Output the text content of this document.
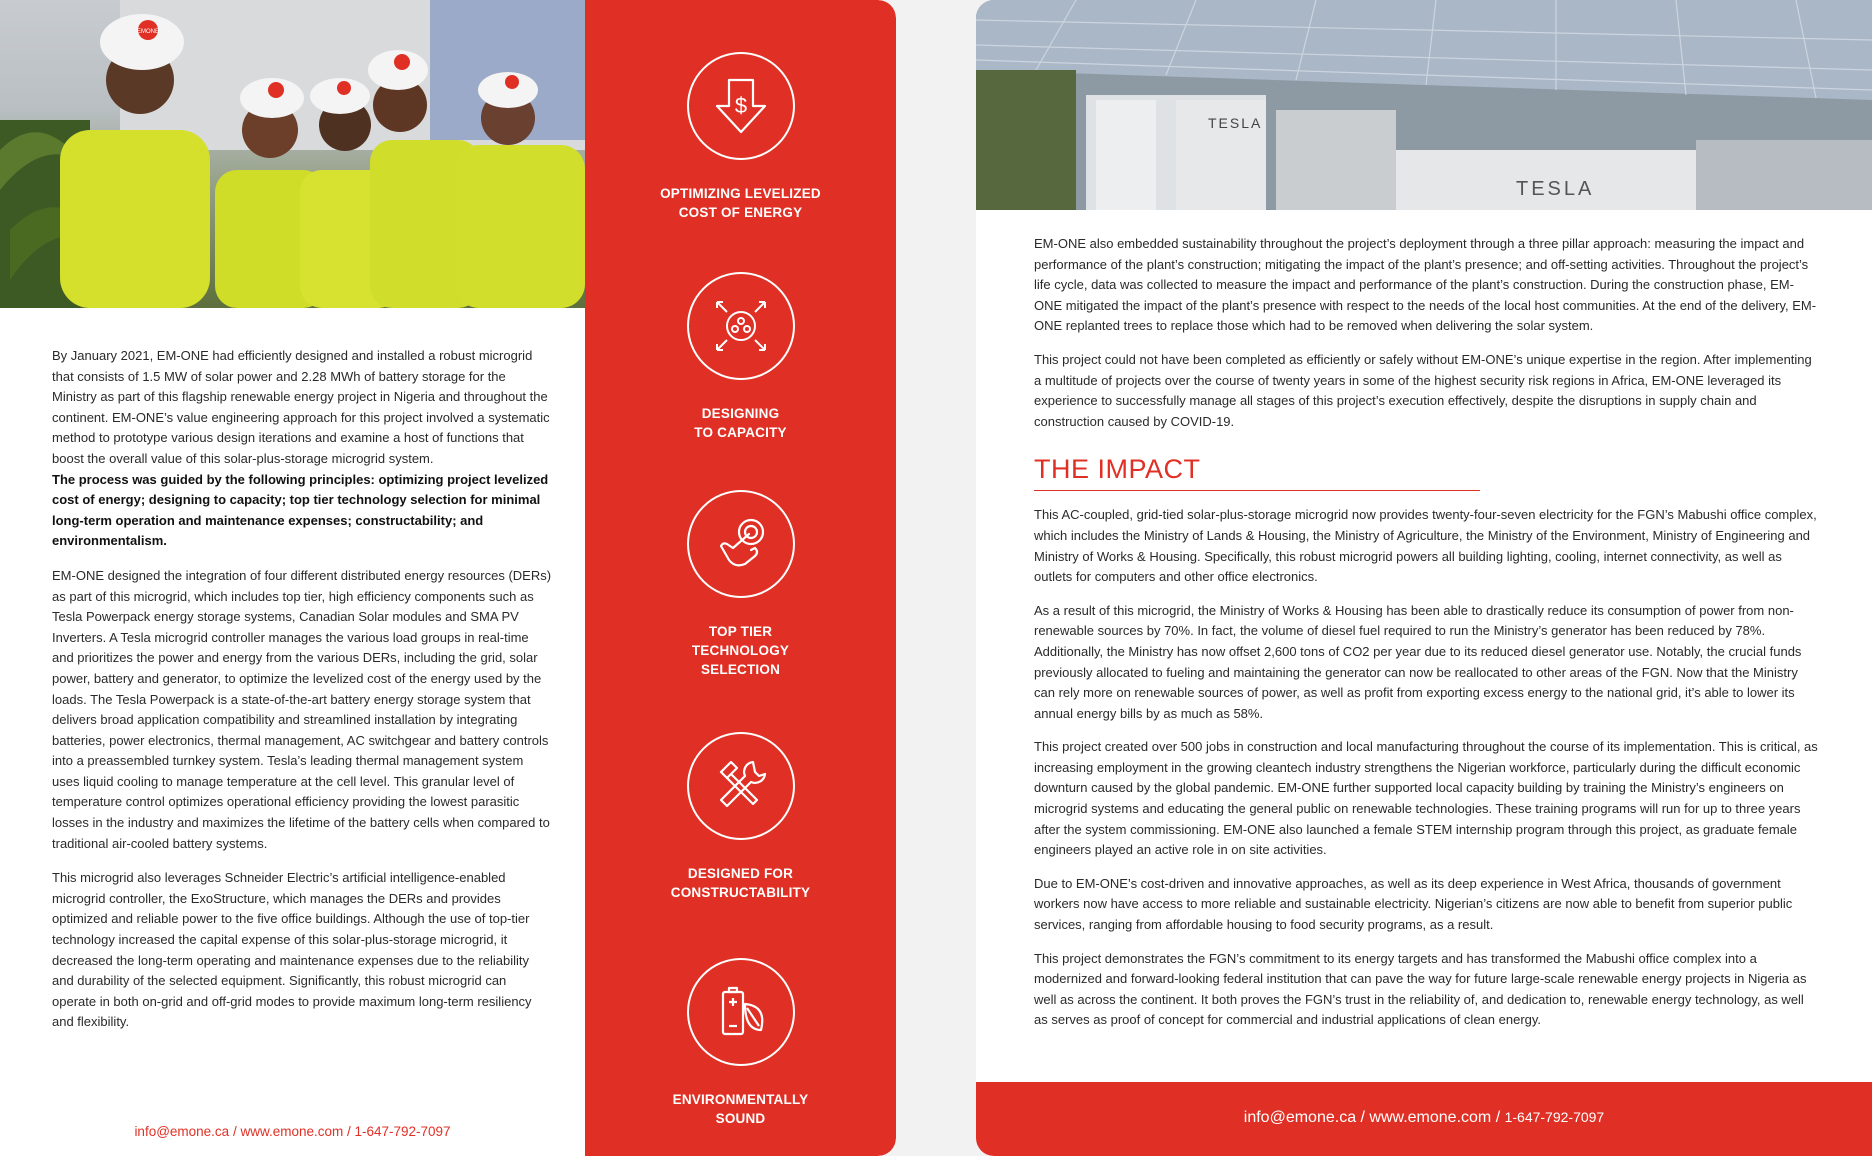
EMONE

By January 2021, EM-ONE had efficiently designed and installed a robust microgrid that consists of 1.5 MW of solar power and 2.28 MWh of battery storage for the Ministry as part of this flagship renewable energy project in Nigeria and throughout the continent. EM-ONE’s value engineering approach for this project involved a systematic method to prototype various design iterations and examine a host of functions that boost the overall value of this solar-plus-storage microgrid system.

The process was guided by the following principles: optimizing project levelized cost of energy; designing to capacity; top tier technology selection for minimal long-term operation and maintenance expenses; constructability; and environmentalism.

EM-ONE designed the integration of four different distributed energy resources (DERs) as part of this microgrid, which includes top tier, high efficiency components such as Tesla Powerpack energy storage systems, Canadian Solar modules and SMA PV Inverters. A Tesla microgrid controller manages the various load groups in real-time and prioritizes the power and energy from the various DERs, including the grid, solar power, battery and generator, to optimize the levelized cost of the energy used by the loads. The Tesla Powerpack is a state-of-the-art battery energy storage system that delivers broad application compatibility and streamlined installation by integrating batteries, power electronics, thermal management, AC switchgear and battery controls into a preassembled turnkey system. Tesla’s leading thermal management system uses liquid cooling to manage temperature at the cell level. This granular level of temperature control optimizes operational efficiency providing the lowest parasitic losses in the industry and maximizes the lifetime of the battery cells when compared to traditional air-cooled battery systems.

This microgrid also leverages Schneider Electric’s artificial intelligence-enabled microgrid controller, the ExoStructure, which manages the DERs and provides optimized and reliable power to the five office buildings. Although the use of top-tier technology increased the capital expense of this solar-plus-storage microgrid, it decreased the long-term operating and maintenance expenses due to the reliability and durability of the selected equipment. Significantly, this robust microgrid can operate in both on-grid and off-grid modes to provide maximum long-term resiliency and flexibility.

info@emone.ca / www.emone.com / 1-647-792-7097
$
OPTIMIZING LEVELIZED
COST OF ENERGY
DESIGNING
TO CAPACITY
TOP TIER
TECHNOLOGY
SELECTION
DESIGNED FOR
CONSTRUCTABILITY
ENVIRONMENTALLY
SOUND
TESLA
TESLA

EM-ONE also embedded sustainability throughout the project’s deployment through a three pillar approach: measuring the impact and performance of the plant’s construction; mitigating the impact of the plant’s presence; and off-setting activities. Throughout the project’s life cycle, data was collected to measure the impact and performance of the plant’s construction. During the construction phase, EM-ONE mitigated the impact of the plant’s presence with respect to the needs of the local host communities. At the end of the delivery, EM-ONE replanted trees to replace those which had to be removed when delivering the solar system.

This project could not have been completed as efficiently or safely without EM-ONE’s unique expertise in the region. After implementing a multitude of projects over the course of twenty years in some of the highest security risk regions in Africa, EM-ONE leveraged its experience to successfully manage all stages of this project’s execution effectively, despite the disruptions in supply chain and construction caused by COVID-19.

THE IMPACT

This AC-coupled, grid-tied solar-plus-storage microgrid now provides twenty-four-seven electricity for the FGN’s Mabushi office complex, which includes the Ministry of Lands & Housing, the Ministry of Agriculture, the Ministry of the Environment, Ministry of Engineering and Ministry of Works & Housing. Specifically, this robust microgrid powers all building lighting, cooling, internet connectivity, as well as outlets for computers and other office electronics.

As a result of this microgrid, the Ministry of Works & Housing has been able to drastically reduce its consumption of power from non-renewable sources by 70%. In fact, the volume of diesel fuel required to run the Ministry’s generator has been reduced by 78%. Additionally, the Ministry has now offset 2,600 tons of CO2 per year due to its reduced diesel generator use. Notably, the crucial funds previously allocated to fueling and maintaining the generator can now be reallocated to other areas of the FGN. Now that the Ministry can rely more on renewable sources of power, as well as profit from exporting excess energy to the national grid, it’s able to lower its annual energy bills by as much as 58%.

This project created over 500 jobs in construction and local manufacturing throughout the course of its implementation. This is critical, as increasing employment in the growing cleantech industry strengthens the Nigerian workforce, particularly during the difficult economic downturn caused by the global pandemic. EM-ONE further supported local capacity building by training the Ministry’s engineers on microgrid systems and educating the general public on renewable technologies. These training programs will run for up to three years after the system commissioning. EM-ONE also launched a female STEM internship program through this project, as graduate female engineers played an active role in on site activities.

Due to EM-ONE’s cost-driven and innovative approaches, as well as its deep experience in West Africa, thousands of government workers now have access to more reliable and sustainable electricity. Nigerian’s citizens are now able to benefit from superior public services, ranging from affordable housing to food security programs, as a result.

This project demonstrates the FGN’s commitment to its energy targets and has transformed the Mabushi office complex into a modernized and forward-looking federal institution that can pave the way for future large-scale renewable energy projects in Nigeria as well as across the continent. It both proves the FGN’s trust in the reliability of, and dedication to, renewable energy technology, as well as serves as proof of concept for commercial and industrial applications of clean energy.

info@emone.ca / www.emone.com / 1-647-792-7097
